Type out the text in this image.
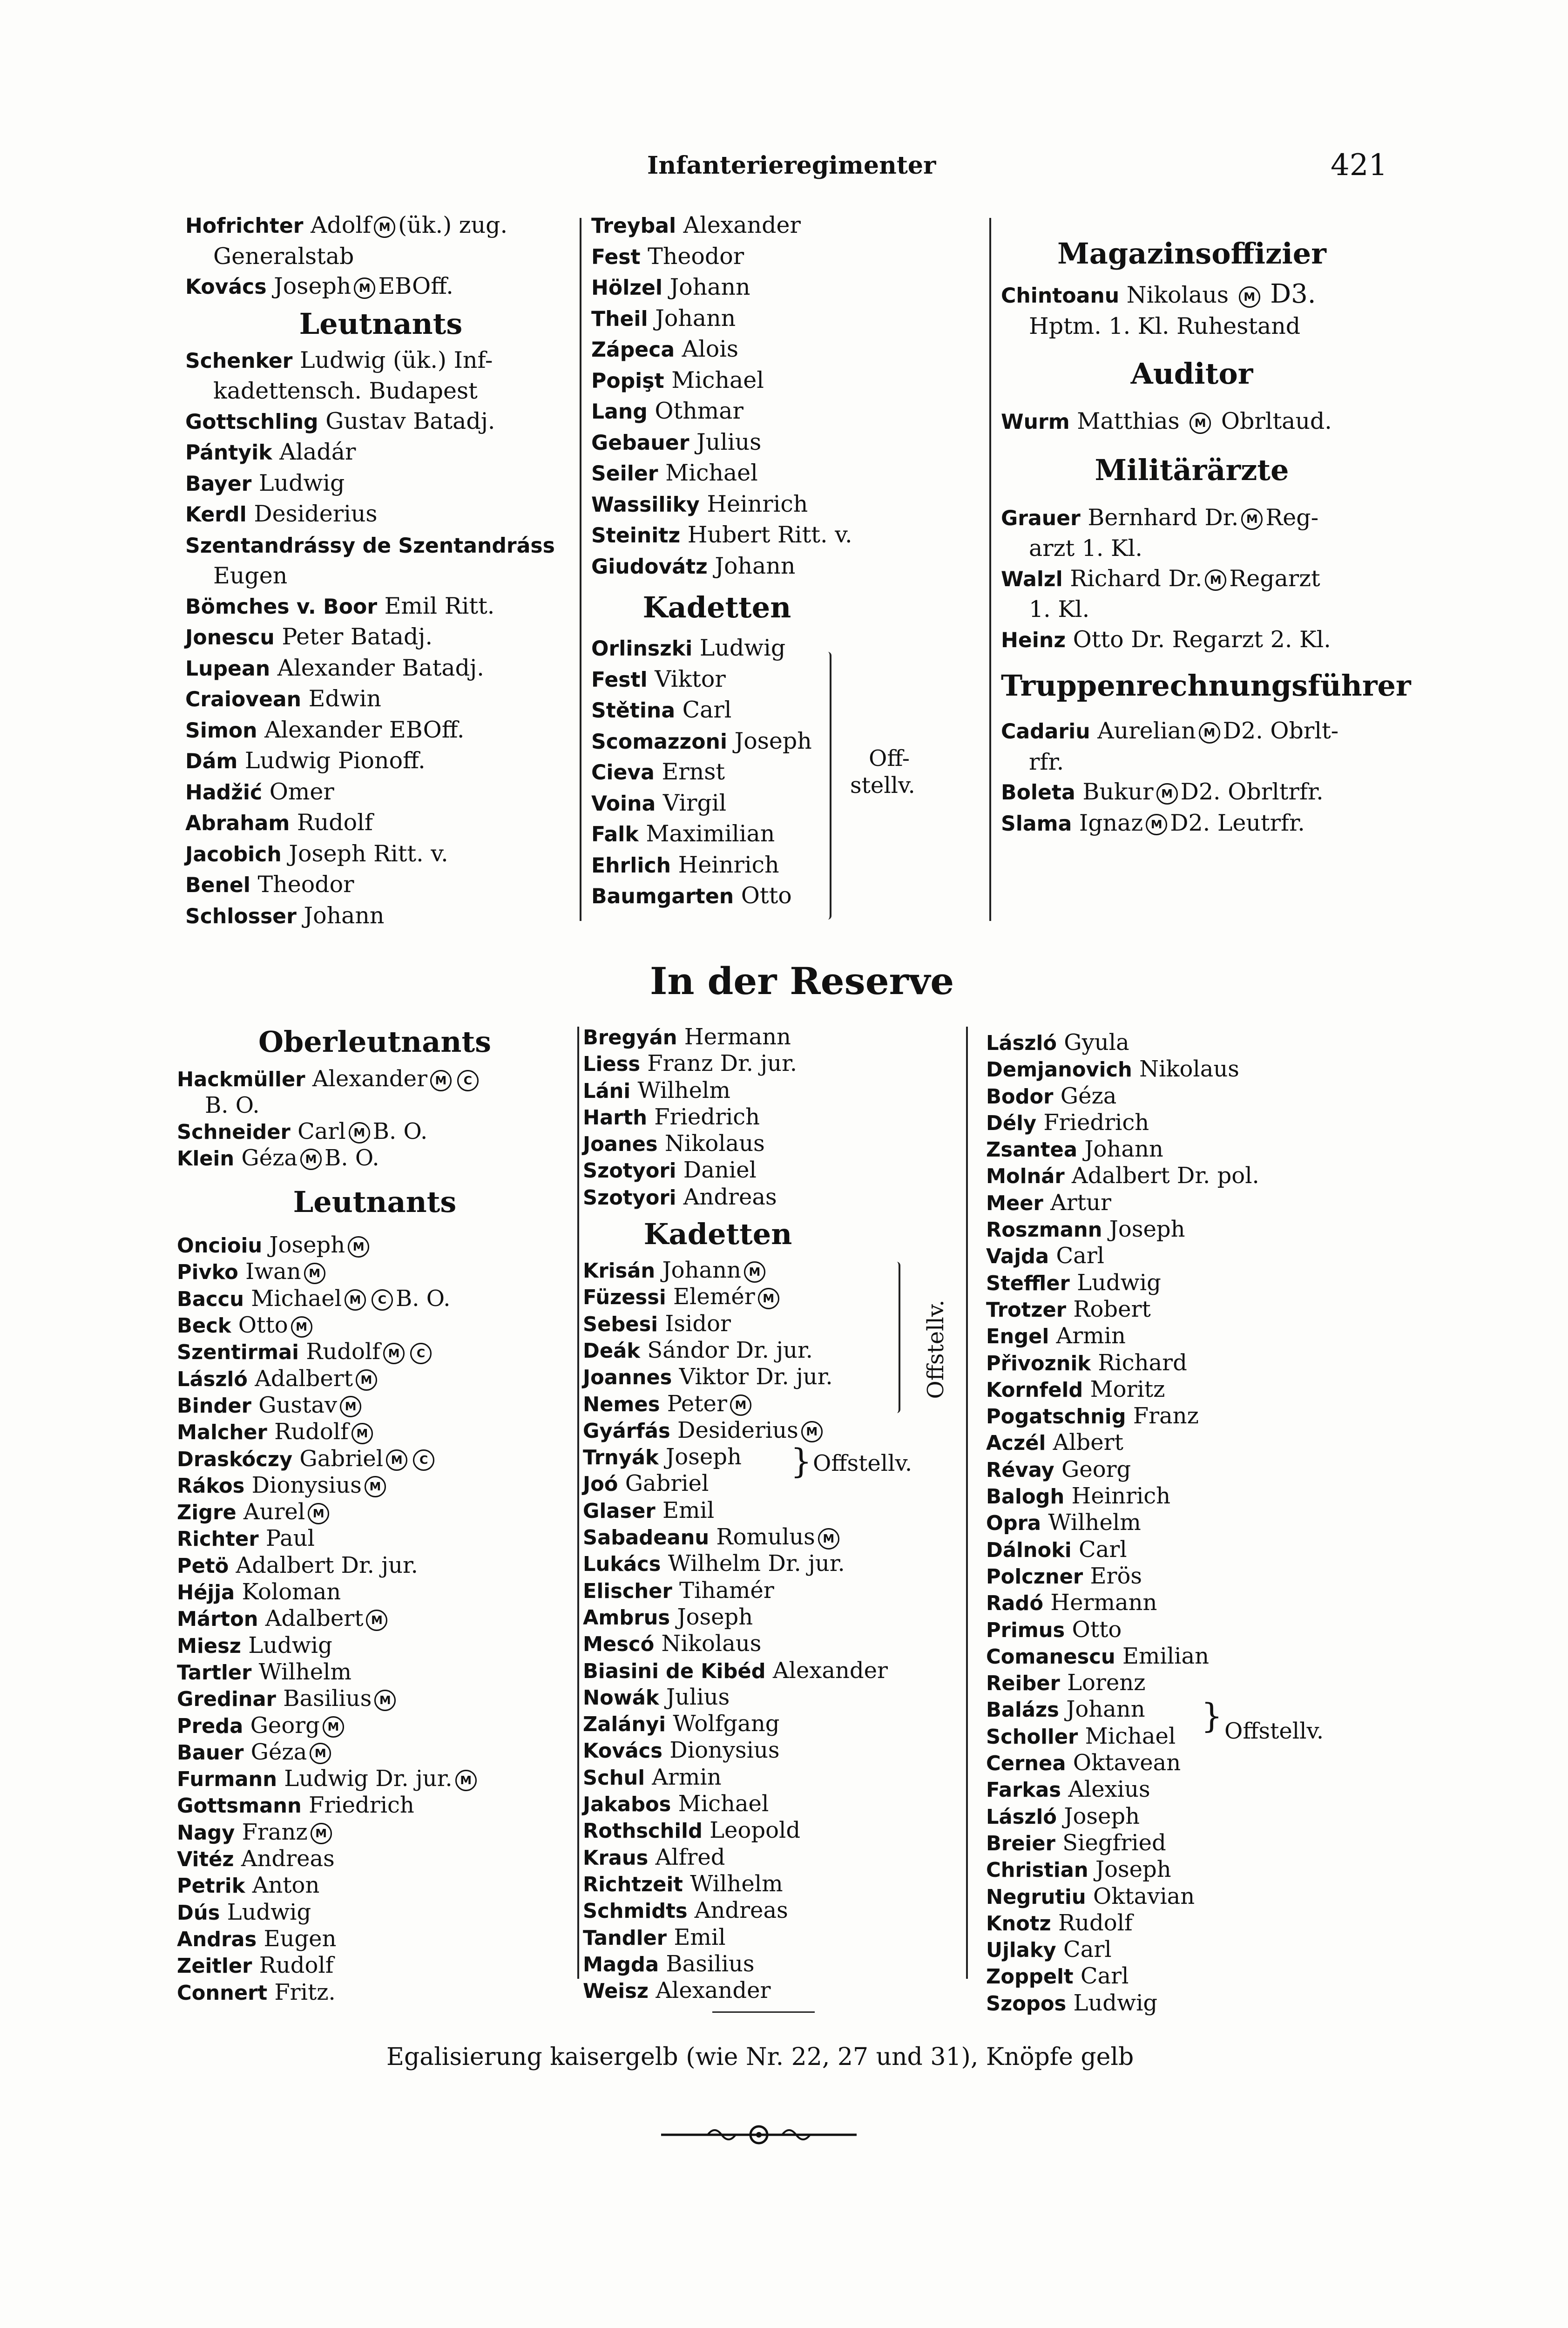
Infanterieregimenter	421
Hofrichter Adolf M (ük.) zug.
Generalstab
Kovács Joseph M EBOff.
Leutnants
Schenker Ludwig (ük.) Inf-
kadettensch. Budapest
Gottschling Gustav Batadj.
Pántyik Aladár
Bayer Ludwig
Kerdl Desiderius
Szentandrássy de Szentandráss
Eugen
Bömches v. Boor Emil Ritt.
Jonescu Peter Batadj.
Lupean Alexander Batadj.
Craiovean Edwin
Simon Alexander EBOff.
Dám Ludwig Pionoff.
Hadžić Omer
Abraham Rudolf
Jacobich Joseph Ritt. v.
Benel Theodor
Schlosser Johann
Treybal Alexander
Fest Theodor
Hölzel Johann
Theil Johann
Zápeca Alois
Popişt Michael
Lang Othmar
Gebauer Julius
Seiler Michael
Wassiliky Heinrich
Steinitz Hubert Ritt. v.
Giudovátz Johann
Kadetten
Orlinszki Ludwig
Festl Viktor
Stětina Carl
Scomazzoni Joseph
Cieva Ernst
Voina Virgil
Falk Maximilian
Ehrlich Heinrich
Baumgarten Otto
Off-
stellv.
Magazinsoffizier
Chintoanu Nikolaus M D3.
Hptm. 1. Kl. Ruhestand
Auditor
Wurm Matthias M Obrltaud.
Militärärzte
Grauer Bernhard Dr. M Reg-
arzt 1. Kl.
Walzl Richard Dr. M Regarzt
1. Kl.
Heinz Otto Dr. Regarzt 2. Kl.
Truppenrechnungsführer
Cadariu Aurelian M D2. Obrlt-
rfr.
Boleta Bukur M D2. Obrltrfr.
Slama Ignaz M D2. Leutrfr.
In der Reserve
Oberleutnants
Hackmüller Alexander M C
B. O.
Schneider Carl M B. O.
Klein Géza M B. O.
Leutnants
Oncioiu Joseph M
Pivko Iwan M
Baccu Michael M C B. O.
Beck Otto M
Szentirmai Rudolf M C
László Adalbert M
Binder Gustav M
Malcher Rudolf M
Draskóczy Gabriel M C
Rákos Dionysius M
Zigre Aurel M
Richter Paul
Petö Adalbert Dr. jur.
Héjja Koloman
Márton Adalbert M
Miesz Ludwig
Tartler Wilhelm
Gredinar Basilius M
Preda Georg M
Bauer Géza M
Furmann Ludwig Dr. jur. M
Gottsmann Friedrich
Nagy Franz M
Vitéz Andreas
Petrik Anton
Dús Ludwig
Andras Eugen
Zeitler Rudolf
Connert Fritz.
Bregyán Hermann
Liess Franz Dr. jur.
Láni Wilhelm
Harth Friedrich
Joanes Nikolaus
Szotyori Daniel
Szotyori Andreas
Kadetten
Krisán Johann M
Füzessi Elemér M
Sebesi Isidor
Deák Sándor Dr. jur.
Joannes Viktor Dr. jur.
Nemes Peter M
Gyárfás Desiderius M
Trnyák Joseph
Joó Gabriel
Glaser Emil
Sabadeanu Romulus M
Lukács Wilhelm Dr. jur.
Elischer Tihamér
Ambrus Joseph
Mescó Nikolaus
Biasini de Kibéd Alexander
Nowák Julius
Zalányi Wolfgang
Kovács Dionysius
Schul Armin
Jakabos Michael
Rothschild Leopold
Kraus Alfred
Richtzeit Wilhelm
Schmidts Andreas
Tandler Emil
Magda Basilius
Weisz Alexander
Offstellv.
} Offstellv.
László Gyula
Demjanovich Nikolaus
Bodor Géza
Dély Friedrich
Zsantea Johann
Molnár Adalbert Dr. pol.
Meer Artur
Roszmann Joseph
Vajda Carl
Steffler Ludwig
Trotzer Robert
Engel Armin
Přivoznik Richard
Kornfeld Moritz
Pogatschnig Franz
Aczél Albert
Révay Georg
Balogh Heinrich
Opra Wilhelm
Dálnoki Carl
Polczner Erös
Radó Hermann
Primus Otto
Comanescu Emilian
Reiber Lorenz
Balázs Johann
Scholler Michael
Cernea Oktavean
Farkas Alexius
László Joseph
Breier Siegfried
Christian Joseph
Negrutiu Oktavian
Knotz Rudolf
Ujlaky Carl
Zoppelt Carl
Szopos Ludwig
} Offstellv.
Egalisierung kaisergelb (wie Nr. 22, 27 und 31), Knöpfe gelb
